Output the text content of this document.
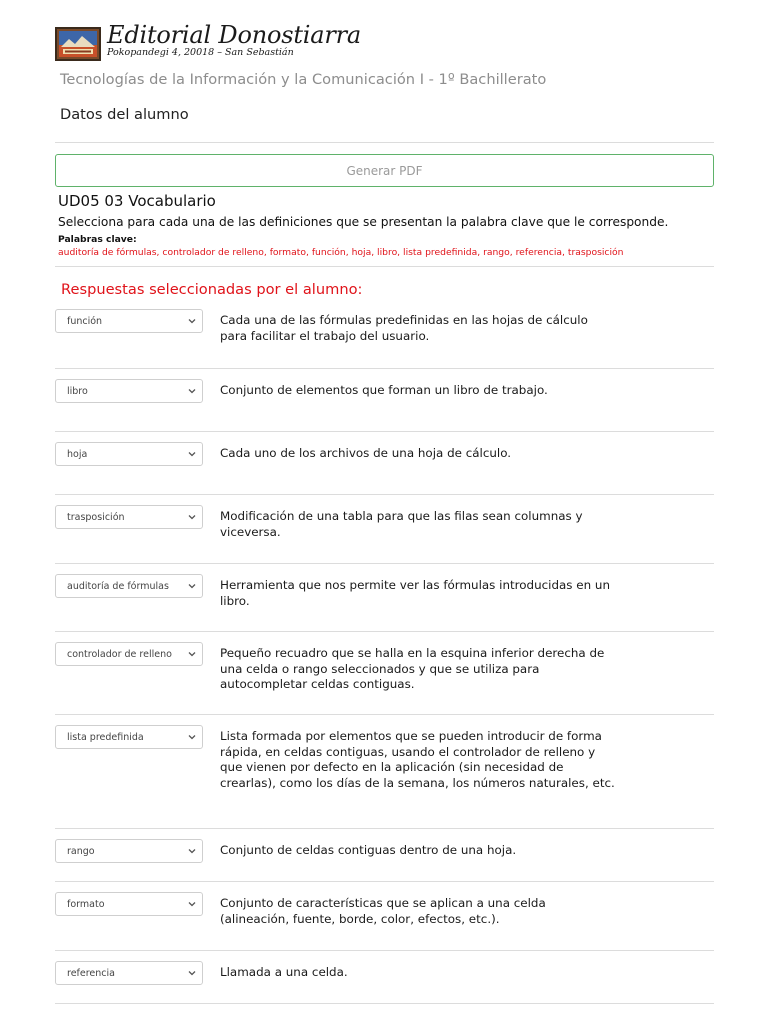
Editorial Donostiarra
Pokopandegi 4, 20018 – San Sebastián
Tecnologías de la Información y la Comunicación I - 1º Bachillerato
Datos del alumno
Generar PDF
UD05 03 Vocabulario
Selecciona para cada una de las definiciones que se presentan la palabra clave que le corresponde.
Palabras clave:
auditoría de fórmulas, controlador de relleno, formato, función, hoja, libro, lista predefinida, rango, referencia, trasposición
Respuestas seleccionadas por el alumno:
función	Cada una de las fórmulas predefinidas en las hojas de cálculo para facilitar el trabajo del usuario.
libro	Conjunto de elementos que forman un libro de trabajo.
hoja	Cada uno de los archivos de una hoja de cálculo.
trasposición	Modificación de una tabla para que las filas sean columnas y viceversa.
auditoría de fórmulas	Herramienta que nos permite ver las fórmulas introducidas en un libro.
controlador de relleno	Pequeño recuadro que se halla en la esquina inferior derecha de una celda o rango seleccionados y que se utiliza para autocompletar celdas contiguas.
lista predefinida	Lista formada por elementos que se pueden introducir de forma rápida, en celdas contiguas, usando el controlador de relleno y que vienen por defecto en la aplicación (sin necesidad de crearlas), como los días de la semana, los números naturales, etc.
rango	Conjunto de celdas contiguas dentro de una hoja.
formato	Conjunto de características que se aplican a una celda (alineación, fuente, borde, color, efectos, etc.).
referencia	Llamada a una celda.
